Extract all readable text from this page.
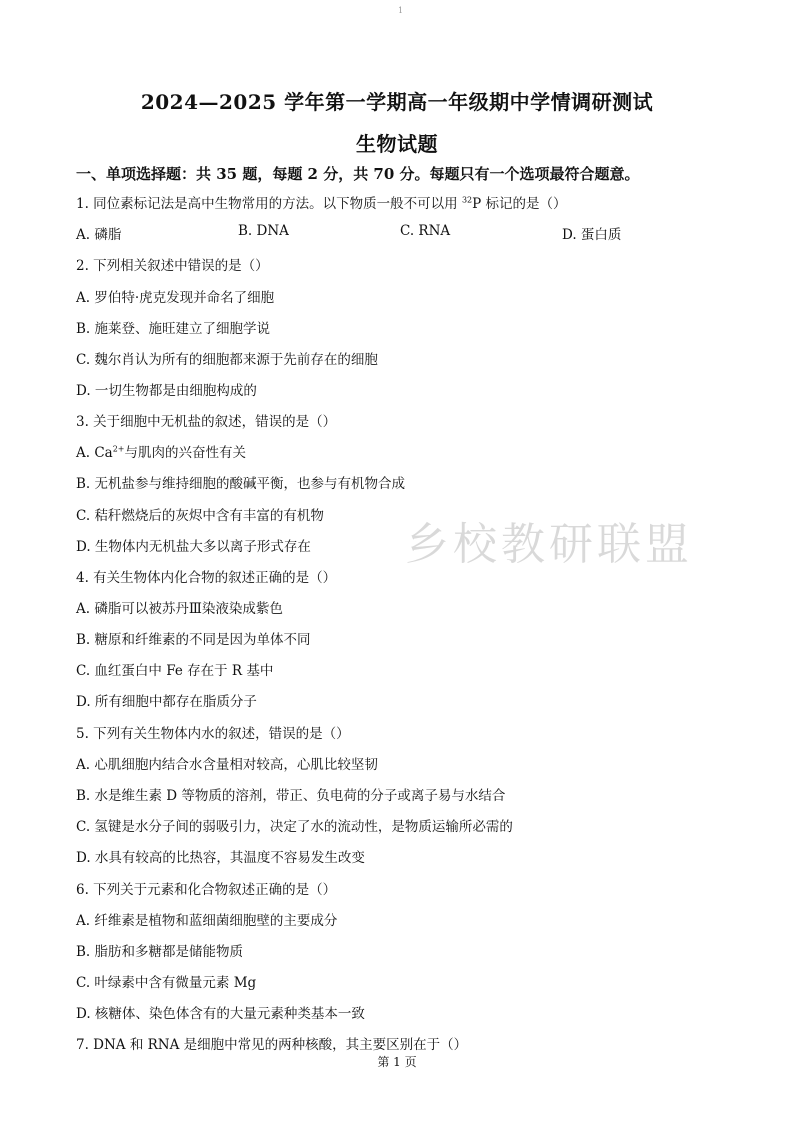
1
2024—2025 学年第一学期高一年级期中学情调研测试
生物试题
一、单项选择题：共 35 题，每题 2 分，共 70 分。每题只有一个选项最符合题意。
1. 同位素标记法是高中生物常用的方法。以下物质一般不可以用 $^{32}$P 标记的是（）
A. 磷脂	B. DNA	C. RNA	D. 蛋白质
2. 下列相关叙述中错误的是（）
A. 罗伯特·虎克发现并命名了细胞
B. 施莱登、施旺建立了细胞学说
C. 魏尔肖认为所有的细胞都来源于先前存在的细胞
D. 一切生物都是由细胞构成的
3. 关于细胞中无机盐的叙述，错误的是（）
A. $Ca^{2+}$与肌肉的兴奋性有关
B. 无机盐参与维持细胞的酸碱平衡，也参与有机物合成
C. 秸秆燃烧后的灰烬中含有丰富的有机物
D. 生物体内无机盐大多以离子形式存在
4. 有关生物体内化合物的叙述正确的是（）
A. 磷脂可以被苏丹Ⅲ染液染成紫色
B. 糖原和纤维素的不同是因为单体不同
C. 血红蛋白中 Fe 存在于 R 基中
D. 所有细胞中都存在脂质分子
5. 下列有关生物体内水的叙述，错误的是（）
A. 心肌细胞内结合水含量相对较高，心肌比较坚韧
B. 水是维生素 D 等物质的溶剂，带正、负电荷的分子或离子易与水结合
C. 氢键是水分子间的弱吸引力，决定了水的流动性，是物质运输所必需的
D. 水具有较高的比热容，其温度不容易发生改变
6. 下列关于元素和化合物叙述正确的是（）
A. 纤维素是植物和蓝细菌细胞壁的主要成分
B. 脂肪和多糖都是储能物质
C. 叶绿素中含有微量元素 Mg
D. 核糖体、染色体含有的大量元素种类基本一致
7. DNA 和 RNA 是细胞中常见的两种核酸，其主要区别在于（）
乡校教研联盟
第 1 页
